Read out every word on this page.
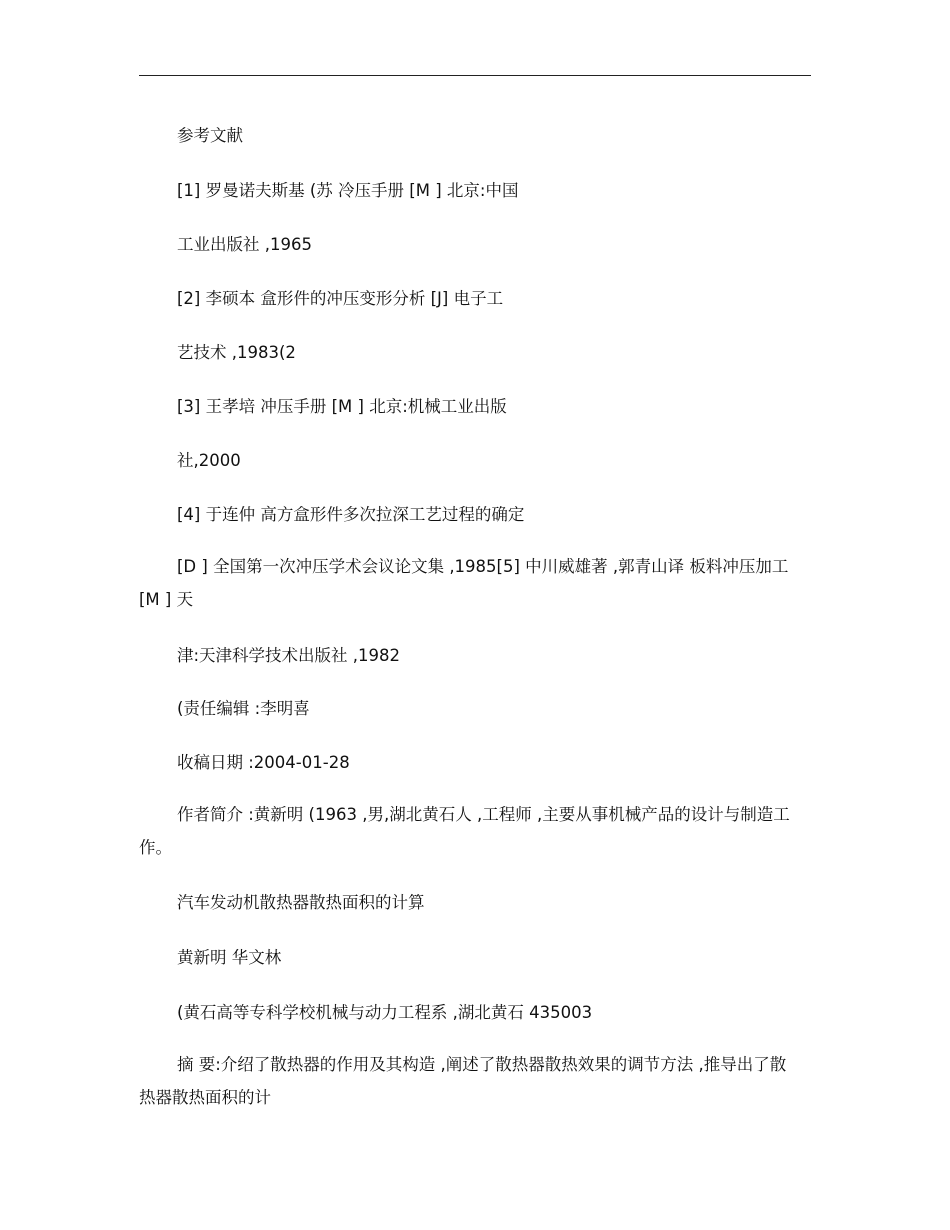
参考文献
[1] 罗曼诺夫斯基 (苏 冷压手册 [M ] 北京:中国
工业出版社 ,1965
[2] 李硕本 盒形件的冲压变形分析 [J] 电子工
艺技术 ,1983(2
[3] 王孝培 冲压手册 [M ] 北京:机械工业出版
社,2000
[4] 于连仲 高方盒形件多次拉深工艺过程的确定
[D ] 全国第一次冲压学术会议论文集 ,1985[5] 中川威雄著 ,郭青山译 板料冲压加工 [M ] 天
津:天津科学技术出版社 ,1982
(责任编辑 :李明喜
收稿日期 :2004-01-28
作者简介 :黄新明 (1963 ,男,湖北黄石人 ,工程师 ,主要从事机械产品的设计与制造工作。
汽车发动机散热器散热面积的计算
黄新明 华文林
(黄石高等专科学校机械与动力工程系 ,湖北黄石 435003
摘 要:介绍了散热器的作用及其构造 ,阐述了散热器散热效果的调节方法 ,推导出了散热器散热面积的计
